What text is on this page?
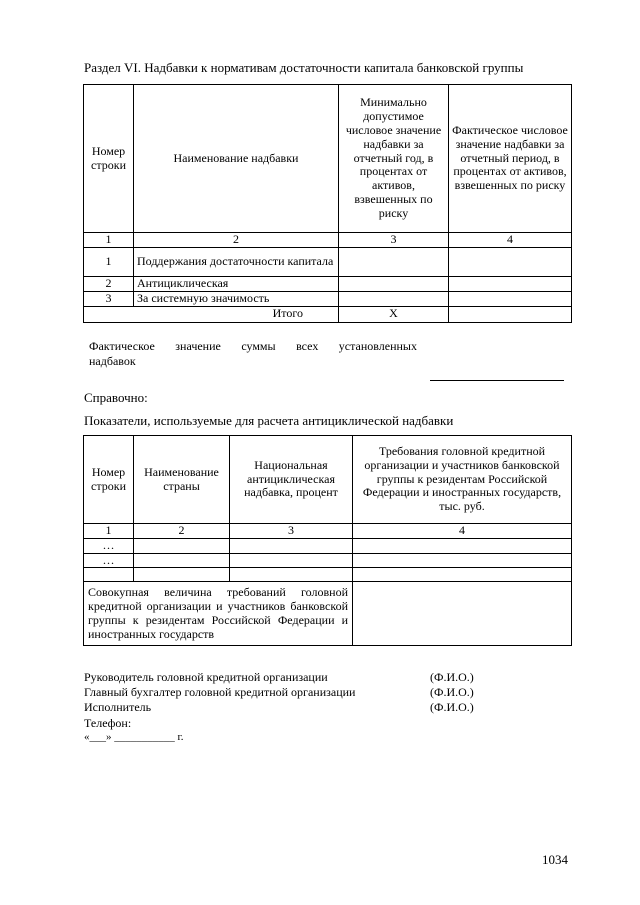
Раздел VI. Надбавки к нормативам достаточности капитала банковской группы
Номер строки	Наименование надбавки	Минимально допустимое числовое значение надбавки за отчетный год, в процентах от активов, взвешенных по риску	Фактическое числовое значение надбавки за отчетный период, в процентах от активов, взвешенных по риску
1	2	3	4
1	Поддержания достаточности капитала		
2	Антициклическая		
3	За системную значимость		
Итого		X	
Фактическое значение суммы всех установленных
надбавок
Справочно:
Показатели, используемые для расчета антициклической надбавки
Номер строки	Наименование страны	Национальная антициклическая надбавка, процент	Требования головной кредитной организации и участников банковской группы к резидентам Российской Федерации и иностранных государств, тыс. руб.
1	2	3	4
…			
…			

Совокупная величина требований головной кредитной организации и участников банковской группы к резидентам Российской Федерации и иностранных государств			
Руководитель головной кредитной организации	(Ф.И.О.)
Главный бухгалтер головной кредитной организации	(Ф.И.О.)
Исполнитель	(Ф.И.О.)
Телефон:
«___» ___________ г.
1034
